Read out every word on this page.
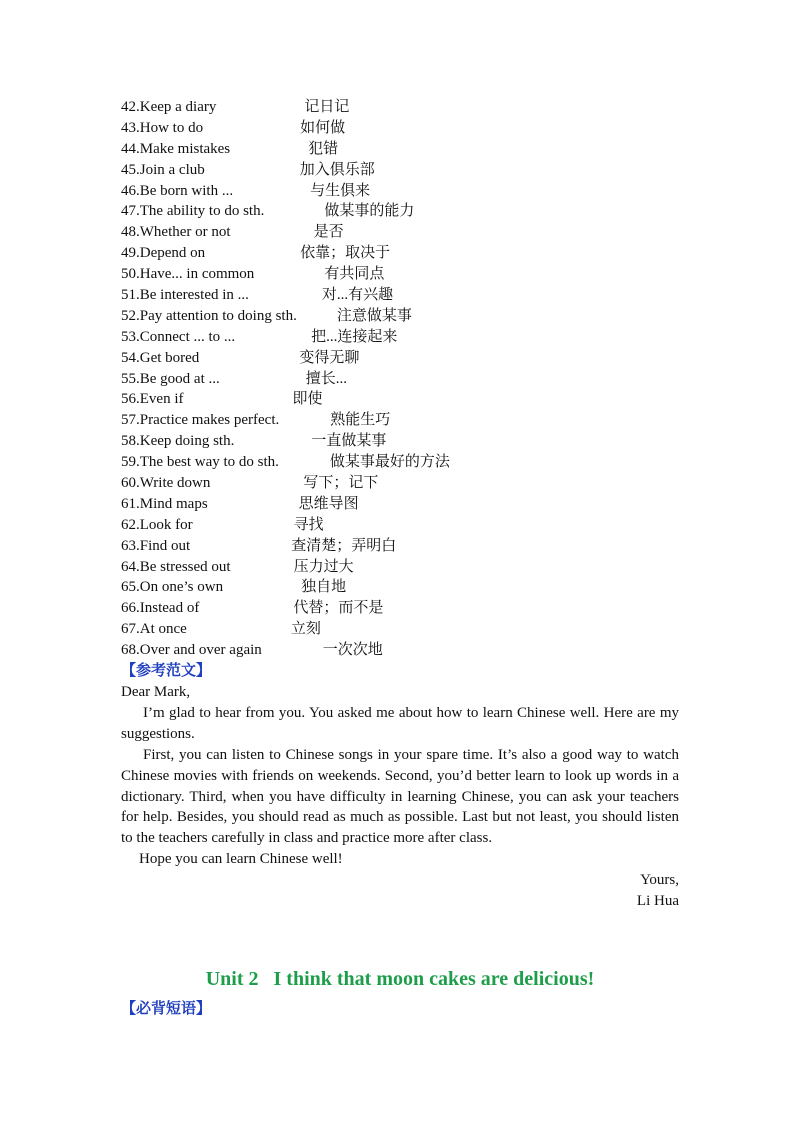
42.Keep a diary	记日记
43.How to do	如何做
44.Make mistakes	犯错
45.Join a club	加入俱乐部
46.Be born with ...	与生俱来
47.The ability to do sth.	做某事的能力
48.Whether or not	是否
49.Depend on	依靠；取决于
50.Have... in common	有共同点
51.Be interested in ...	对...有兴趣
52.Pay attention to doing sth.	注意做某事
53.Connect ... to ...	把...连接起来
54.Get bored	变得无聊
55.Be good at ...	擅长...
56.Even if	即使
57.Practice makes perfect.	熟能生巧
58.Keep doing sth.	一直做某事
59.The best way to do sth.	做某事最好的方法
60.Write down	写下；记下
61.Mind maps	思维导图
62.Look for	寻找
63.Find out	查清楚；弄明白
64.Be stressed out	压力过大
65.On one’s own	独自地
66.Instead of	代替；而不是
67.At once	立刻
68.Over and over again	一次次地
【参考范文】

Dear Mark,

I’m glad to hear from you. You asked me about how to learn Chinese well. Here are my suggestions.

First, you can listen to Chinese songs in your spare time. It’s also a good way to watch Chinese movies with friends on weekends. Second, you’d better learn to look up words in a dictionary. Third, when you have difficulty in learning Chinese, you can ask your teachers for help. Besides, you should read as much as possible. Last but not least, you should listen to the teachers carefully in class and practice more after class.

Hope you can learn Chinese well!

Yours,
Li Hua
Unit 2   I think that moon cakes are delicious!
【必背短语】
